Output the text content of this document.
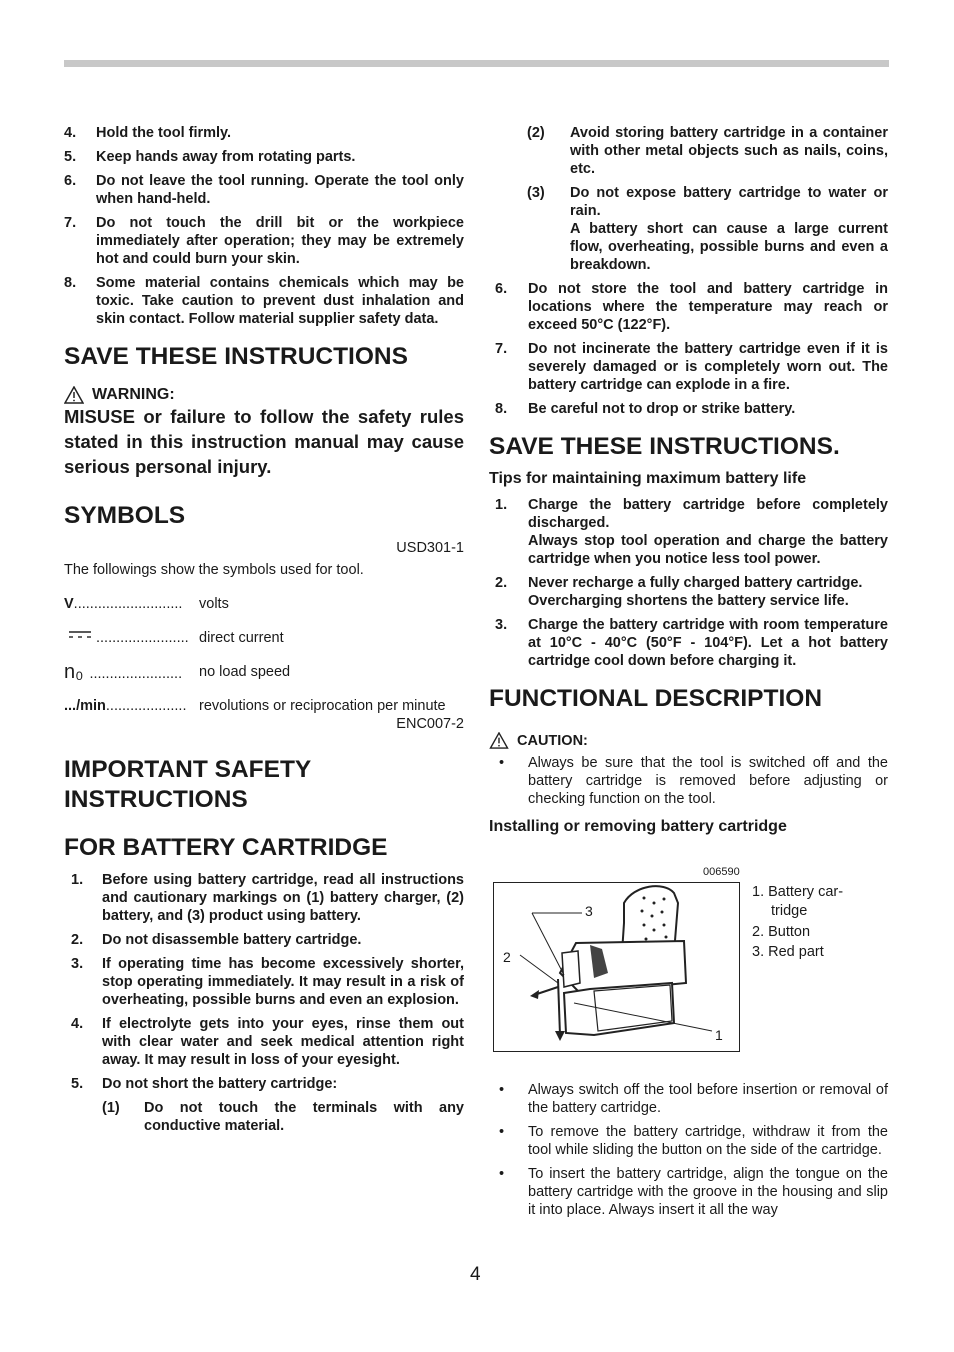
4.	Hold the tool firmly.
5.	Keep hands away from rotating parts.
6.	Do not leave the tool running. Operate the tool only when hand-held.
7.	Do not touch the drill bit or the workpiece immediately after operation; they may be extremely hot and could burn your skin.
8.	Some material contains chemicals which may be toxic. Take caution to prevent dust inhalation and skin contact. Follow material supplier safety data.
SAVE THESE INSTRUCTIONS
WARNING:
MISUSE or failure to follow the safety rules stated in this instruction manual may cause serious personal injury.
SYMBOLS
USD301-1
The followings show the symbols used for tool.
V...........................	volts
....................... direct current
n₀ .......................	no load speed
.../min.................... revolutions or reciprocation per minute
ENC007-2
IMPORTANT SAFETY INSTRUCTIONS
FOR BATTERY CARTRIDGE
1.	Before using battery cartridge, read all instructions and cautionary markings on (1) battery charger, (2) battery, and (3) product using battery.
2.	Do not disassemble battery cartridge.
3.	If operating time has become excessively shorter, stop operating immediately. It may result in a risk of overheating, possible burns and even an explosion.
4.	If electrolyte gets into your eyes, rinse them out with clear water and seek medical attention right away. It may result in loss of your eyesight.
5.	Do not short the battery cartridge:
(1)	Do not touch the terminals with any conductive material.
(2)	Avoid storing battery cartridge in a container with other metal objects such as nails, coins, etc.
(3)	Do not expose battery cartridge to water or rain.
A battery short can cause a large current flow, overheating, possible burns and even a breakdown.
6.	Do not store the tool and battery cartridge in locations where the temperature may reach or exceed 50°C (122°F).
7.	Do not incinerate the battery cartridge even if it is severely damaged or is completely worn out. The battery cartridge can explode in a fire.
8.	Be careful not to drop or strike battery.
SAVE THESE INSTRUCTIONS.
Tips for maintaining maximum battery life
1.	Charge the battery cartridge before completely discharged.
Always stop tool operation and charge the battery cartridge when you notice less tool power.
2.	Never recharge a fully charged battery cartridge.
Overcharging shortens the battery service life.
3.	Charge the battery cartridge with room temperature at 10°C - 40°C (50°F - 104°F). Let a hot battery cartridge cool down before charging it.
FUNCTIONAL DESCRIPTION
CAUTION:
•	Always be sure that the tool is switched off and the battery cartridge is removed before adjusting or checking function on the tool.
Installing or removing battery cartridge
006590
3
2
1
1. Battery car-
tridge
2. Button
3. Red part
•	Always switch off the tool before insertion or removal of the battery cartridge.
•	To remove the battery cartridge, withdraw it from the tool while sliding the button on the side of the cartridge.
•	To insert the battery cartridge, align the tongue on the battery cartridge with the groove in the housing and slip it into place. Always insert it all the way
4
